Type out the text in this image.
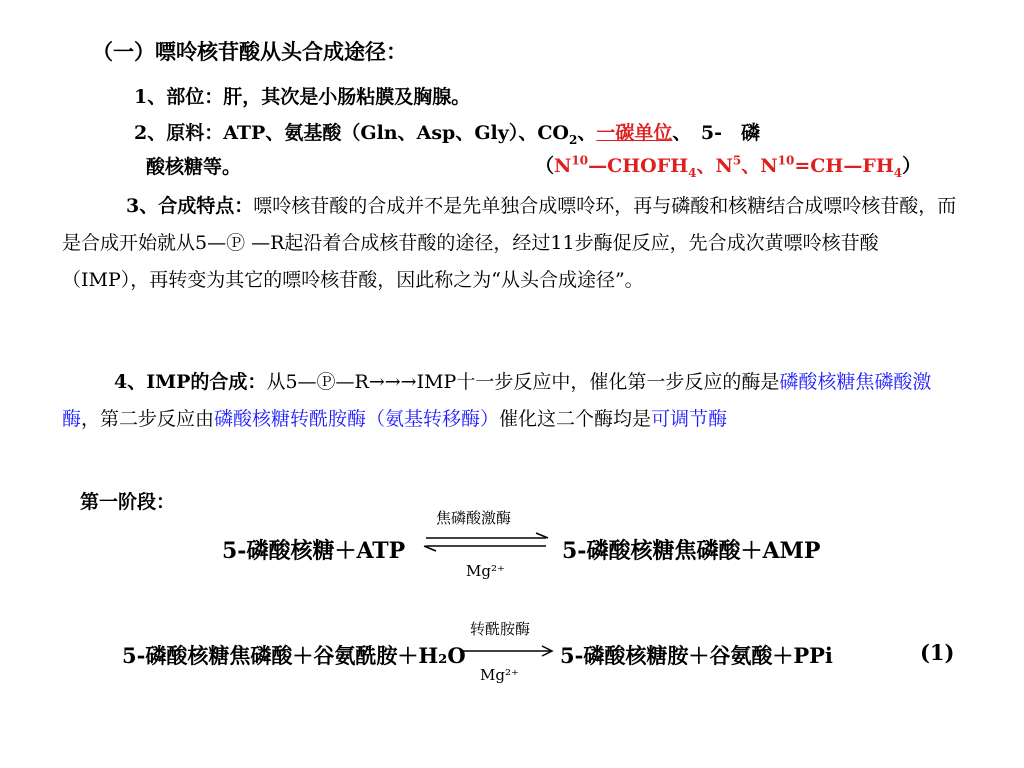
（一）嘌呤核苷酸从头合成途径：
1、部位：肝，其次是小肠粘膜及胸腺。
2、原料：ATP、氨基酸（Gln、Asp、Gly）、$CO_2$、一碳单位、　5-　磷
酸核糖等。	（$N^{10}—CHOFH_4$、$N^5$、$N^{10}=CH—FH_4$）
3、合成特点：嘌呤核苷酸的合成并不是先单独合成嘌呤环，再与磷酸和核糖结合成嘌呤核苷酸，而是合成开始就从5—Ⓟ —R起沿着合成核苷酸的途径，经过11步酶促反应，先合成次黄嘌呤核苷酸（IMP），再转变为其它的嘌呤核苷酸，因此称之为“从头合成途径”。
4、IMP的合成：从5—Ⓟ—R→→→IMP十一步反应中，催化第一步反应的酶是磷酸核糖焦磷酸激酶，第二步反应由磷酸核糖转酰胺酶（氨基转移酶）催化这二个酶均是可调节酶
第一阶段：
5-磷酸核糖＋ATP
焦磷酸激酶
Mg²⁺
5-磷酸核糖焦磷酸＋AMP
5-磷酸核糖焦磷酸＋谷氨酰胺＋H₂O
转酰胺酶
Mg²⁺
5-磷酸核糖胺＋谷氨酸＋PPi	(1)
